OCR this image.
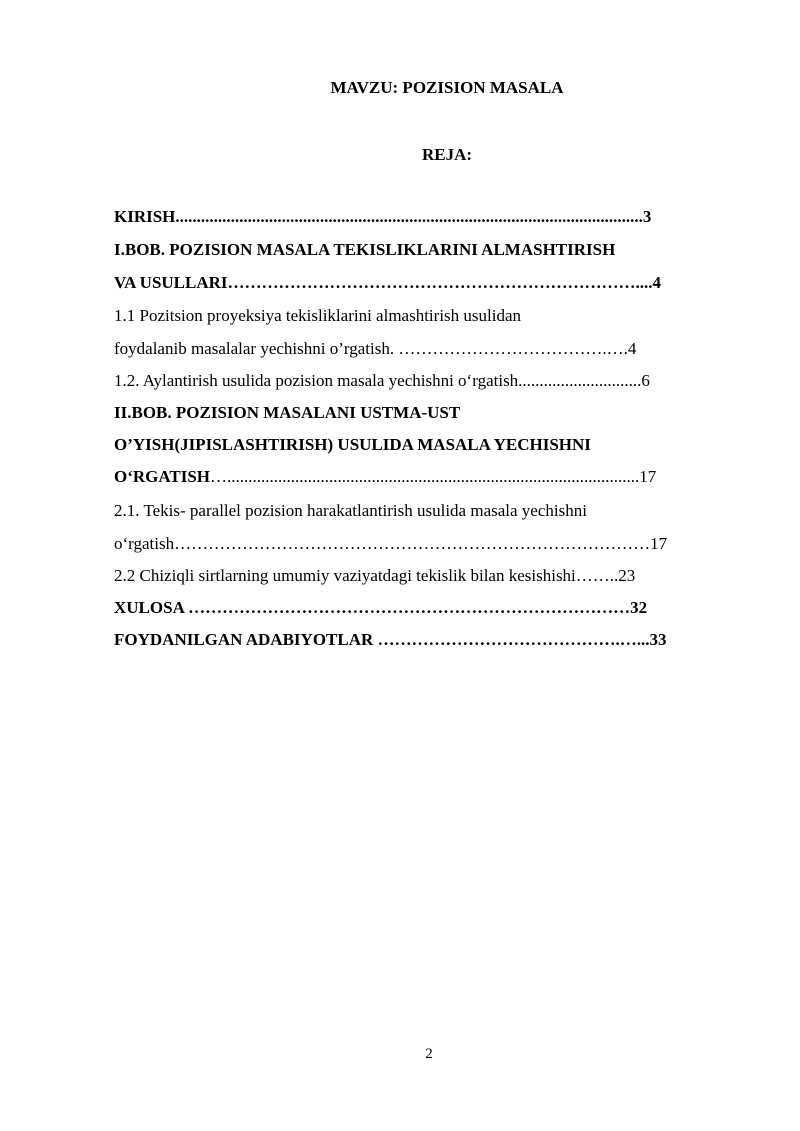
MAVZU: POZISION MASALA
REJA:
KIRISH..............................................................................................................3
I.BOB. POZISION MASALA TEKISLIKLARINI ALMASHTIRISH
VA USULLARI………………………………………………………………....4
1.1 Pozitsion proyeksiya tekisliklarini almashtirish usulidan
foydalanib masalalar yechishni o’rgatish. ……………………………….….4
1.2. Aylantirish usulida pozision masala yechishni o‘rgatish.............................6
II.BOB. POZISION MASALANI USTMA-UST
O’YISH(JIPISLASHTIRISH) USULIDA MASALA YECHISHNI
O‘RGATISH….................................................................................................17
2.1. Tekis- parallel pozision harakatlantirish usulida masala yechishni
o‘rgatish…………………………………………………………………………17
2.2 Chiziqli sirtlarning umumiy vaziyatdagi tekislik bilan kesishishi……..23
XULOSA ……………………………………………………………………32
FOYDANILGAN ADABIYOTLAR …………………………………….…...33
2
